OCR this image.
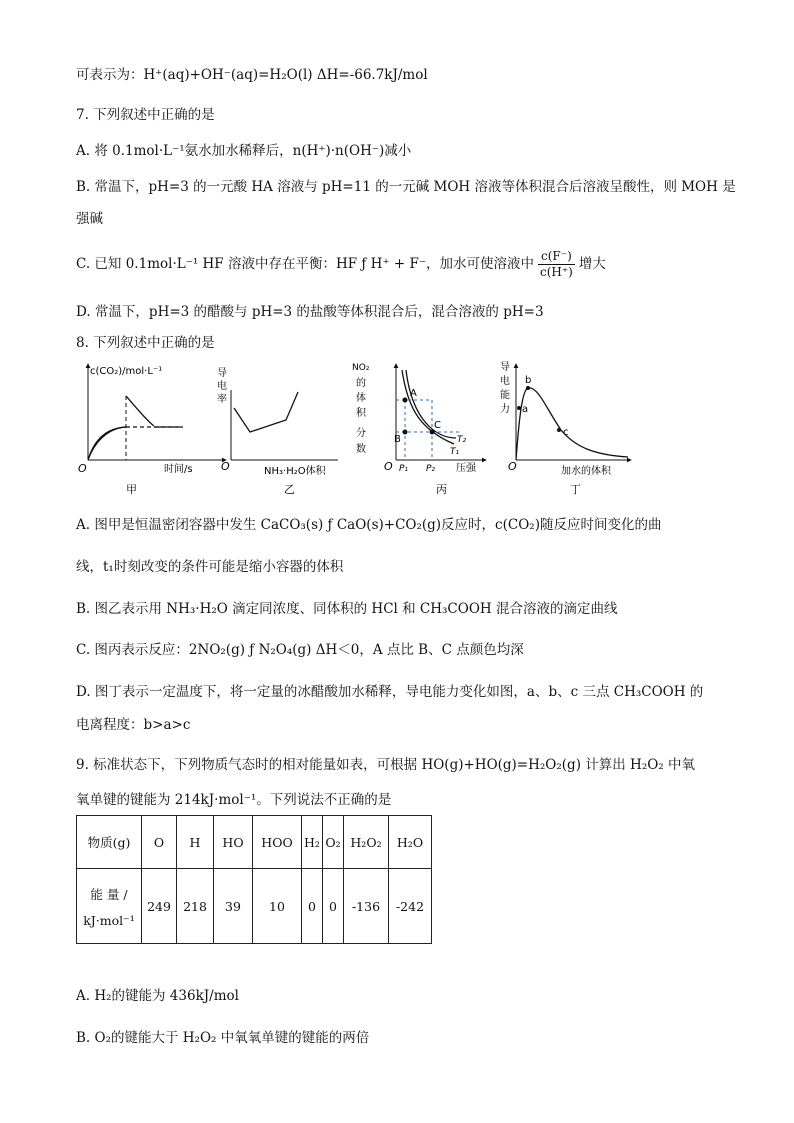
可表示为：H⁺(aq)+OH⁻(aq)=H₂O(l) ΔH=-66.7kJ/mol
7. 下列叙述中正确的是
A. 将 0.1mol·L⁻¹氨水加水稀释后，n(H⁺)·n(OH⁻)减小
B. 常温下，pH=3 的一元酸 HA 溶液与 pH=11 的一元碱 MOH 溶液等体积混合后溶液呈酸性，则 MOH 是
强碱
C. 已知 0.1mol·L⁻¹ HF 溶液中存在平衡：HF ƒ H⁺ + F⁻，加水可使溶液中 $\frac{c(F^-)}{c(H^+)}$ 增大
D. 常温下，pH=3 的醋酸与 pH=3 的盐酸等体积混合后，混合溶液的 pH=3
8. 下列叙述中正确的是
c(CO₂)/mol·L⁻¹
O	时间/s
甲
导
电
率
O	NH₃·H₂O体积
乙
A
B
C
T₂
T₁
NO₂
的
体
积
分
数
O P₁ P₂ 压强
丙
a
b
c
导
电
能
力
O	加水的体积
丁
A. 图甲是恒温密闭容器中发生 CaCO₃(s) ƒ CaO(s)+CO₂(g)反应时，c(CO₂)随反应时间变化的曲
线，t₁时刻改变的条件可能是缩小容器的体积
B. 图乙表示用 NH₃·H₂O 滴定同浓度、同体积的 HCl 和 CH₃COOH 混合溶液的滴定曲线
C. 图丙表示反应：2NO₂(g) ƒ N₂O₄(g) ΔH＜0，A 点比 B、C 点颜色均深
D. 图丁表示一定温度下，将一定量的冰醋酸加水稀释，导电能力变化如图，a、b、c 三点 CH₃COOH 的
电离程度：b>a>c
9. 标准状态下，下列物质气态时的相对能量如表，可根据 HO(g)+HO(g)=H₂O₂(g) 计算出 H₂O₂ 中氧
氧单键的键能为 214kJ·mol⁻¹。下列说法不正确的是
物质(g)	O	H	HO	HOO	H₂	O₂	H₂O₂	H₂O

能 量 /
kJ·mol⁻¹	249	218	39	10	0	0	-136	-242
A. H₂的键能为 436kJ/mol
B. O₂的键能大于 H₂O₂ 中氧氧单键的键能的两倍
